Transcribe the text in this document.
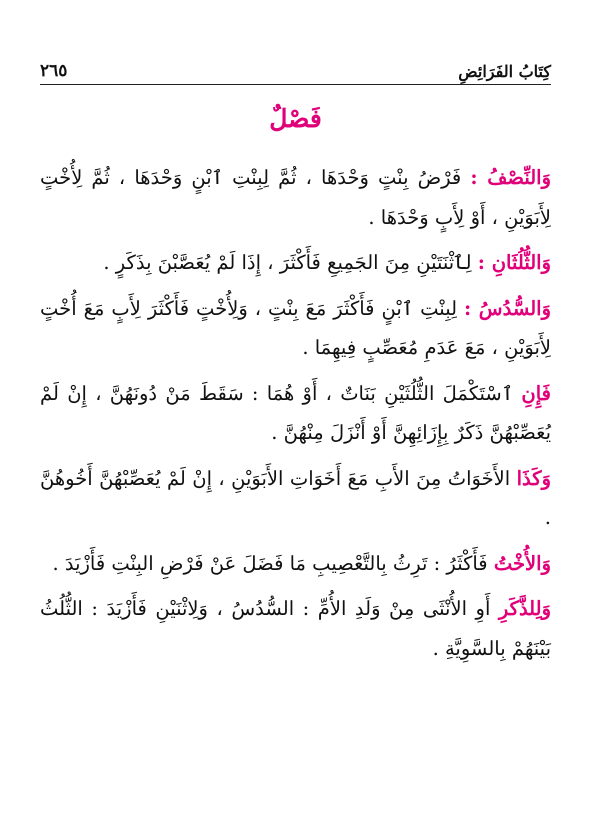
كِتَابُ الفَرَائِضِ
٢٦٥
فَصْلٌ

وَالنِّصْفُ : فَرْضُ بِنْتٍ وَحْدَهَا ، ثُمَّ لِبِنْتِ ٱبْنٍ وَحْدَهَا ، ثُمَّ لِأُخْتٍ لِأَبَوَيْنِ ، أَوْ لِأَبٍ وَحْدَهَا .

وَالثُّلُثَانِ : لِٱثْنَتَيْنِ مِنَ الجَمِيعِ فَأَكْثَرَ ، إِذَا لَمْ يُعَصَّبْنَ بِذَكَرٍ .

وَالسُّدُسُ : لِبِنْتِ ٱبْنٍ فَأَكْثَرَ مَعَ بِنْتٍ ، وَلِأُخْتٍ فَأَكْثَرَ لِأَبٍ مَعَ أُخْتٍ لِأَبَوَيْنِ ، مَعَ عَدَمِ مُعَصِّبٍ فِيهِمَا .

فَإِنِ ٱسْتَكْمَلَ الثُّلُثَيْنِ بَنَاتٌ ، أَوْ هُمَا : سَقَطَ مَنْ دُونَهُنَّ ، إِنْ لَمْ يُعَصِّبْهُنَّ ذَكَرٌ بِإِزَائِهِنَّ أَوْ أَنْزَلَ مِنْهُنَّ .

وَكَذَا الأَخَوَاتُ مِنَ الأَبِ مَعَ أَخَوَاتِ الأَبَوَيْنِ ، إِنْ لَمْ يُعَصِّبْهُنَّ أَخُوهُنَّ .

وَالأُخْتُ فَأَكْثَرُ : تَرِثُ بِالتَّعْصِيبِ مَا فَضَلَ عَنْ فَرْضِ البِنْتِ فَأَزْيَدَ .

وَلِلذَّكَرِ أَوِ الأُنْثَى مِنْ وَلَدِ الأُمِّ : السُّدُسُ ، وَلِاثْنَيْنِ فَأَزْيَدَ : الثُّلُثُ بَيْنَهُمْ بِالسَّوِيَّةِ .
